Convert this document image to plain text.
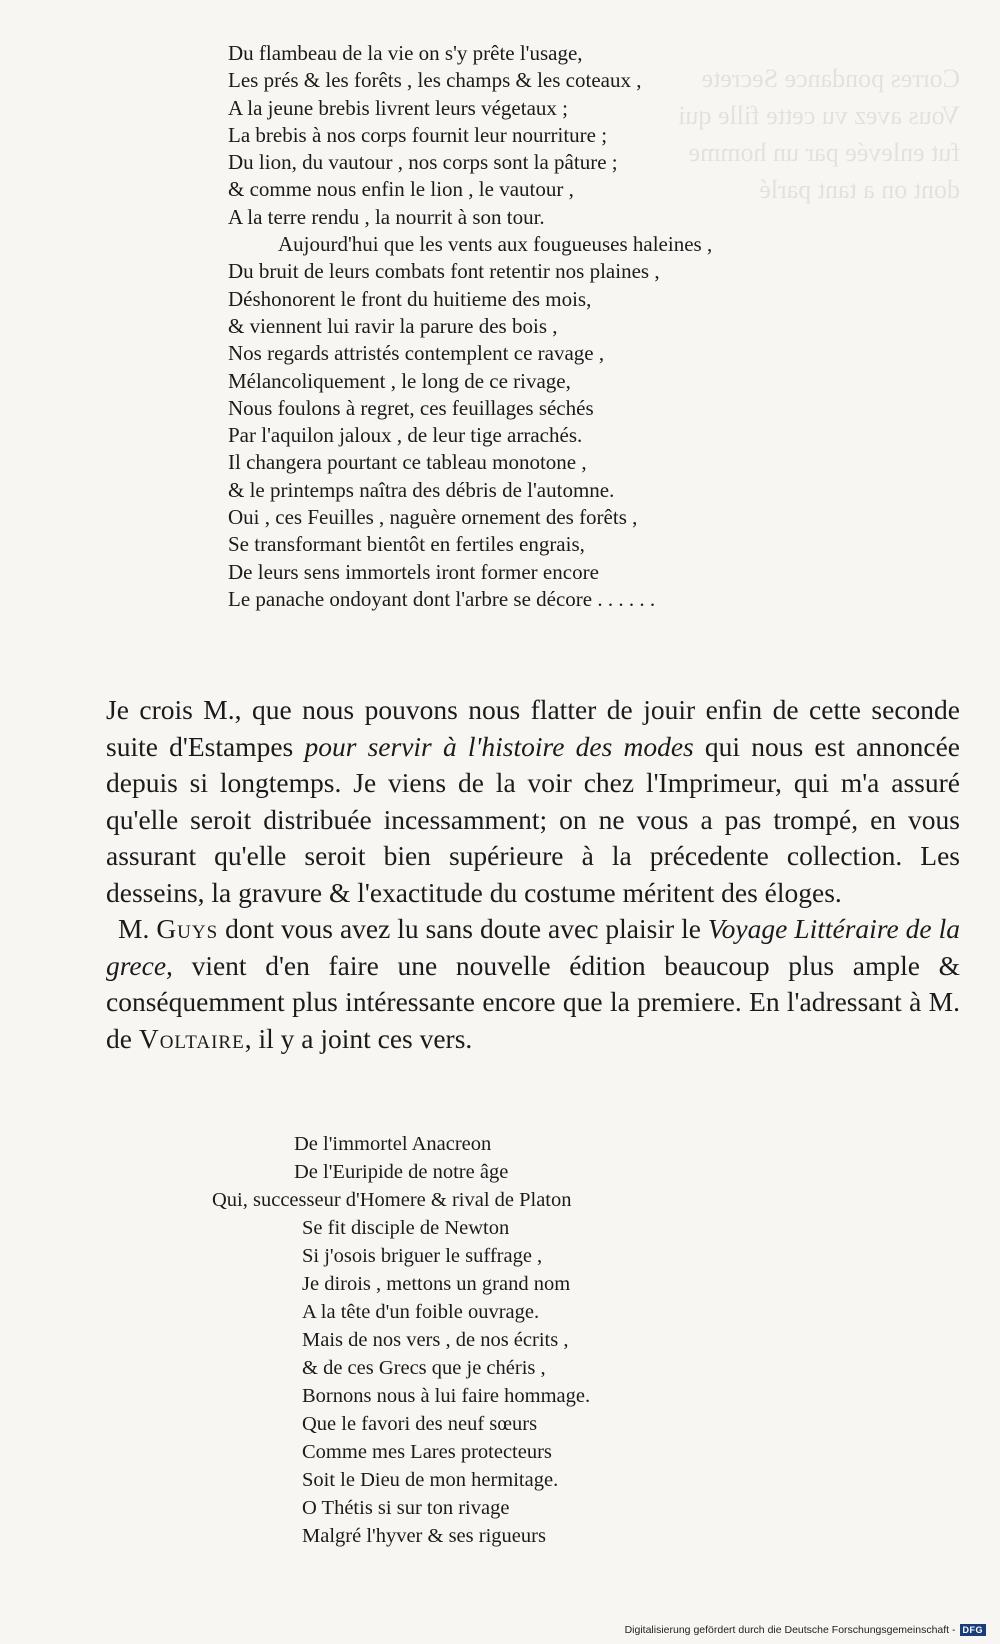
Corres pondance Secrete
Vous avez vu cette fille qui
fut enlevée par un homme
dont on a tant parlé

Du flambeau de la vie on s'y prête l'usage,
Les prés & les forêts , les champs & les coteaux ,
A la jeune brebis livrent leurs végetaux ;
La brebis à nos corps fournit leur nourriture ;
Du lion, du vautour , nos corps sont la pâture ;
& comme nous enfin le lion , le vautour ,
A la terre rendu , la nourrit à son tour.
Aujourd'hui que les vents aux fougueuses haleines ,
Du bruit de leurs combats font retentir nos plaines ,
Déshonorent le front du huitieme des mois,
& viennent lui ravir la parure des bois ,
Nos regards attristés contemplent ce ravage ,
Mélancoliquement , le long de ce rivage,
Nous foulons à regret, ces feuillages séchés
Par l'aquilon jaloux , de leur tige arrachés.
Il changera pourtant ce tableau monotone ,
& le printemps naîtra des débris de l'automne.
Oui , ces Feuilles , naguère ornement des forêts ,
Se transformant bientôt en fertiles engrais,
De leurs sens immortels iront former encore
Le panache ondoyant dont l'arbre se décore . . . . . .

Je crois M., que nous pouvons nous flatter de jouir enfin de cette seconde suite d'Estampes pour servir à l'histoire des modes qui nous est annoncée depuis si longtemps. Je viens de la voir chez l'Imprimeur, qui m'a assuré qu'elle seroit distribuée incessamment; on ne vous a pas trompé, en vous assurant qu'elle seroit bien supérieure à la précedente collection. Les desseins, la gravure & l'exactitude du costume méritent des éloges.

M. Guys dont vous avez lu sans doute avec plaisir le Voyage Littéraire de la grece, vient d'en faire une nouvelle édition beaucoup plus ample & conséquemment plus intéressante encore que la premiere. En l'adressant à M. de Voltaire, il y a joint ces vers.

De l'immortel Anacreon
De l'Euripide de notre âge
Qui, successeur d'Homere & rival de Platon
Se fit disciple de Newton
Si j'osois briguer le suffrage ,
Je dirois , mettons un grand nom
A la tête d'un foible ouvrage.
Mais de nos vers , de nos écrits ,
& de ces Grecs que je chéris ,
Bornons nous à lui faire hommage.
Que le favori des neuf sœurs
Comme mes Lares protecteurs
Soit le Dieu de mon hermitage.
O Thétis si sur ton rivage
Malgré l'hyver & ses rigueurs
Digitalisierung gefördert durch die Deutsche Forschungsgemeinschaft - DFG
